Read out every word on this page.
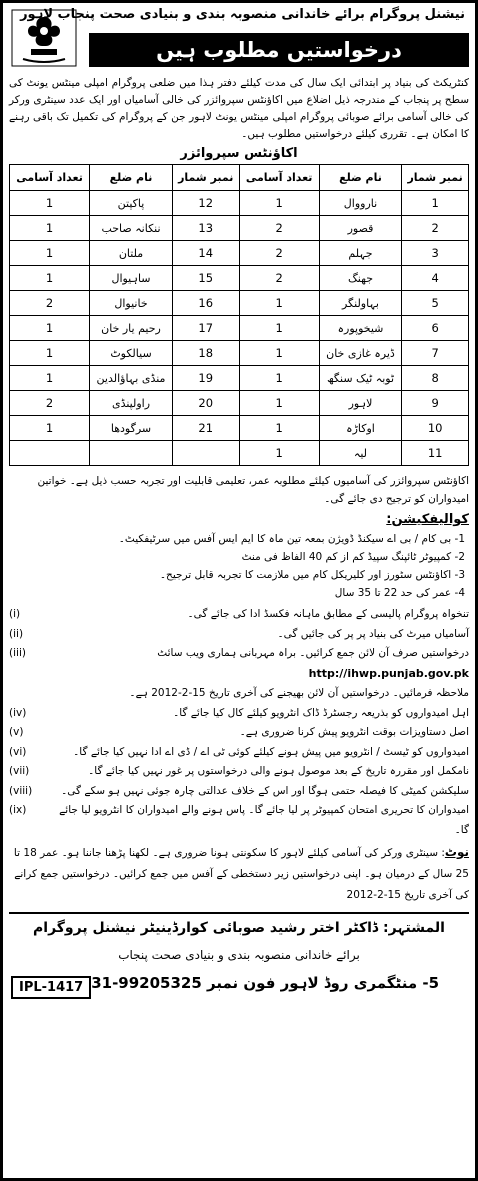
نیشنل پروگرام برائے خاندانی منصوبہ بندی و بنیادی صحت پنجاب لاہور
درخواستیں مطلوب ہیں

کنٹریکٹ کی بنیاد پر ابتدائی ایک سال کی مدت کیلئے دفتر ہذا میں ضلعی پروگرام امپلی مینٹس یونٹ کی سطح پر پنجاب کے مندرجہ ذیل اضلاع میں اکاؤنٹس سپروائزر کی خالی آسامیاں اور ایک عدد سینٹری ورکر کی خالی آسامی برائے صوبائی پروگرام امپلی مینٹس یونٹ لاہور جن کے پروگرام کی تکمیل تک باقی رہنے کا امکان ہے۔ تقرری کیلئے درخواستیں مطلوب ہیں۔

اکاؤنٹس سپروائزر
نمبر شمار	نام ضلع	تعداد آسامی	نمبر شمار	نام ضلع	تعداد آسامی
1	نارووال	1	12	پاکپتن	1
2	قصور	2	13	ننکانہ صاحب	1
3	جہلم	2	14	ملتان	1
4	جھنگ	2	15	ساہیوال	1
5	بہاولنگر	1	16	خانیوال	2
6	شیخوپورہ	1	17	رحیم یار خان	1
7	ڈیرہ غازی خان	1	18	سیالکوٹ	1
8	ٹوبہ ٹیک سنگھ	1	19	منڈی بہاؤالدین	1
9	لاہور	1	20	راولپنڈی	2
10	اوکاڑہ	1	21	سرگودھا	1
11	لیہ	1			

اکاؤنٹس سپروائزر کی آسامیوں کیلئے مطلوبہ عمر، تعلیمی قابلیت اور تجربہ حسب ذیل ہے۔ خواتین امیدواران کو ترجیح دی جائے گی۔

کوالیفکیشن:
1- بی کام / بی اے سیکنڈ ڈویژن بمعہ تین ماہ کا ایم ایس آفس میں سرٹیفکیٹ۔
2- کمپیوٹر ٹائپنگ سپیڈ کم از کم 40 الفاظ فی منٹ
3- اکاؤنٹس سٹورز اور کلیریکل کام میں ملازمت کا تجربہ قابل ترجیح۔
4- عمر کی حد 22 تا 35 سال
(i)	تنخواہ پروگرام پالیسی کے مطابق ماہانہ فکسڈ ادا کی جائے گی۔
(ii)	آسامیاں میرٹ کی بنیاد پر پر کی جائیں گی۔
(iii)	درخواستیں صرف آن لائن جمع کرائیں۔ براہ مہربانی ہماری ویب سائٹ http://ihwp.punjab.gov.pk
ملاحظہ فرمائیں۔ درخواستیں آن لائن بھیجنے کی آخری تاریخ 15-2-2012 ہے۔
(iv)	اہل امیدواروں کو بذریعہ رجسٹرڈ ڈاک انٹرویو کیلئے کال کیا جائے گا۔
(v)	اصل دستاویزات بوقت انٹرویو پیش کرنا ضروری ہے۔
(vi)	امیدواروں کو ٹیسٹ / انٹرویو میں پیش ہونے کیلئے کوئی ٹی اے / ڈی اے ادا نہیں کیا جائے گا۔
(vii)	نامکمل اور مقررہ تاریخ کے بعد موصول ہونے والی درخواستوں پر غور نہیں کیا جائے گا۔
(viii)	سلیکشن کمیٹی کا فیصلہ حتمی ہوگا اور اس کے خلاف عدالتی چارہ جوئی نہیں ہو سکے گی۔
(ix)	امیدواران کا تحریری امتحان کمپیوٹر پر لیا جائے گا۔ پاس ہونے والے امیدواران کا انٹرویو لیا جائے گا۔

نوٹ: سینٹری ورکر کی آسامی کیلئے لاہور کا سکونتی ہونا ضروری ہے۔ لکھنا پڑھنا جاننا ہو۔ عمر 18 تا 25 سال کے درمیان ہو۔ اپنی درخواستیں زیر دستخطی کے آفس میں جمع کرائیں۔ درخواستیں جمع کرانے کی آخری تاریخ 15-2-2012

المشتہر: ڈاکٹر اختر رشید صوبائی کوارڈینیٹر نیشنل پروگرام
برائے خاندانی منصوبہ بندی و بنیادی صحت پنجاب
IPL-1417 5- منٹگمری روڈ لاہور فون نمبر 99205325-31
